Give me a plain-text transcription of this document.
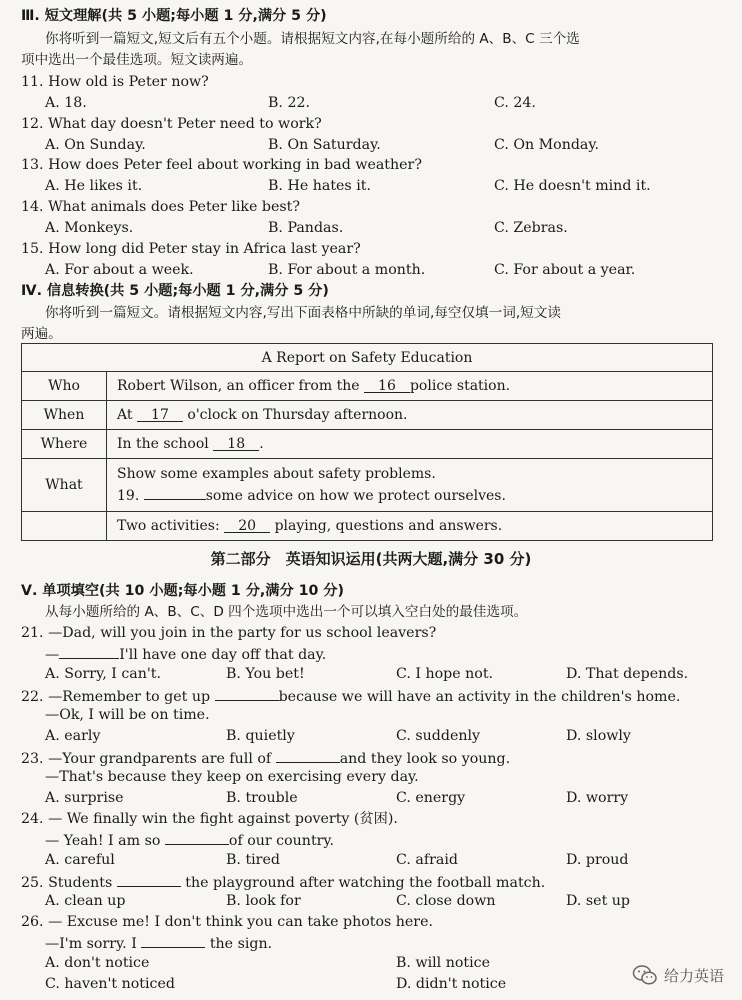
Ⅲ. 短文理解(共 5 小题;每小题 1 分,满分 5 分)
你将听到一篇短文,短文后有五个小题。请根据短文内容,在每小题所给的 A、B、C 三个选
项中选出一个最佳选项。短文读两遍。
11. How old is Peter now?
A. 18.	B. 22.	C. 24.
12. What day doesn't Peter need to work?
A. On Sunday.	B. On Saturday.	C. On Monday.
13. How does Peter feel about working in bad weather?
A. He likes it.	B. He hates it.	C. He doesn't mind it.
14. What animals does Peter like best?
A. Monkeys.	B. Pandas.	C. Zebras.
15. How long did Peter stay in Africa last year?
A. For about a week.	B. For about a month.	C. For about a year.
Ⅳ. 信息转换(共 5 小题;每小题 1 分,满分 5 分)
你将听到一篇短文。请根据短文内容,写出下面表格中所缺的单词,每空仅填一词,短文读
两遍。
A Report on Safety Education	
Who	Robert Wilson, an officer from the 16 police station.
When	At 17 o'clock on Thursday afternoon.
Where	In the school 18 .
What	Show some examples about safety problems.
19. some advice on how we protect ourselves.
	Two activities: 20 playing, questions and answers.
第二部分　英语知识运用(共两大题,满分 30 分)
Ⅴ. 单项填空(共 10 小题;每小题 1 分,满分 10 分)
从每小题所给的 A、B、C、D 四个选项中选出一个可以填入空白处的最佳选项。
21. —Dad, will you join in the party for us school leavers?
—	I'll have one day off that day.
A. Sorry, I can't.	B. You bet!	C. I hope not.	D. That depends.
22. —Remember to get up	because we will have an activity in the children's home.
—Ok, I will be on time.
A. early	B. quietly	C. suddenly	D. slowly
23. —Your grandparents are full of	and they look so young.
—That's because they keep on exercising every day.
A. surprise	B. trouble	C. energy	D. worry
24. — We finally win the fight against poverty (贫困).
— Yeah! I am so	of our country.
A. careful	B. tired	C. afraid	D. proud
25. Students	the playground after watching the football match.
A. clean up	B. look for	C. close down	D. set up
26. — Excuse me! I don't think you can take photos here.
—I'm sorry. I	the sign.
A. don't notice	B. will notice
C. haven't noticed	D. didn't notice	给力英语
